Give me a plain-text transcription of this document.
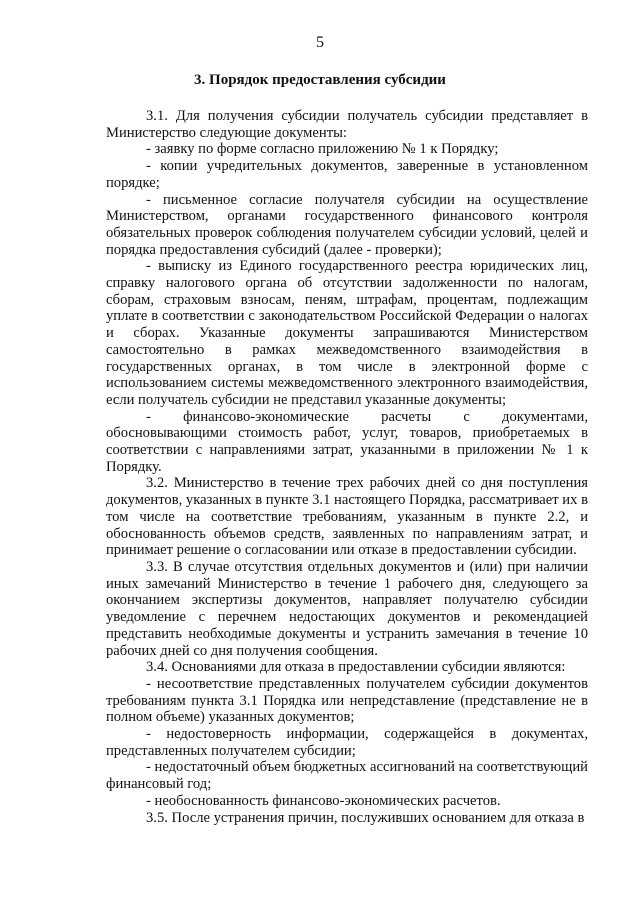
5
3. Порядок предоставления субсидии

3.1. Для получения субсидии получатель субсидии представляет в Министерство следующие документы:

- заявку по форме согласно приложению № 1 к Порядку;

- копии учредительных документов, заверенные в установленном порядке;

- письменное согласие получателя субсидии на осуществление Министерством, органами государственного финансового контроля обязательных проверок соблюдения получателем субсидии условий, целей и порядка предоставления субсидий (далее - проверки);

- выписку из Единого государственного реестра юридических лиц, справку налогового органа об отсутствии задолженности по налогам, сборам, страховым взносам, пеням, штрафам, процентам, подлежащим уплате в соответствии с законодательством Российской Федерации о налогах и сборах. Указанные документы запрашиваются Министерством самостоятельно в рамках межведомственного взаимодействия в государственных органах, в том числе в электронной форме с использованием системы межведомственного электронного взаимодействия, если получатель субсидии не представил указанные документы;

- финансово-экономические расчеты с документами, обосновывающими стоимость работ, услуг, товаров, приобретаемых в соответствии с направлениями затрат, указанными в приложении № 1 к Порядку.

3.2. Министерство в течение трех рабочих дней со дня поступления документов, указанных в пункте 3.1 настоящего Порядка, рассматривает их в том числе на соответствие требованиям, указанным в пункте 2.2, и обоснованность объемов средств, заявленных по направлениям затрат, и принимает решение о согласовании или отказе в предоставлении субсидии.

3.3. В случае отсутствия отдельных документов и (или) при наличии иных замечаний Министерство в течение 1 рабочего дня, следующего за окончанием экспертизы документов, направляет получателю субсидии уведомление с перечнем недостающих документов и рекомендацией представить необходимые документы и устранить замечания в течение 10 рабочих дней со дня получения сообщения.

3.4. Основаниями для отказа в предоставлении субсидии являются:

- несоответствие представленных получателем субсидии документов требованиям пункта 3.1 Порядка или непредставление (представление не в полном объеме) указанных документов;

- недостоверность информации, содержащейся в документах, представленных получателем субсидии;

- недостаточный объем бюджетных ассигнований на соответствующий финансовый год;

- необоснованность финансово-экономических расчетов.

3.5. После устранения причин, послуживших основанием для отказа в
